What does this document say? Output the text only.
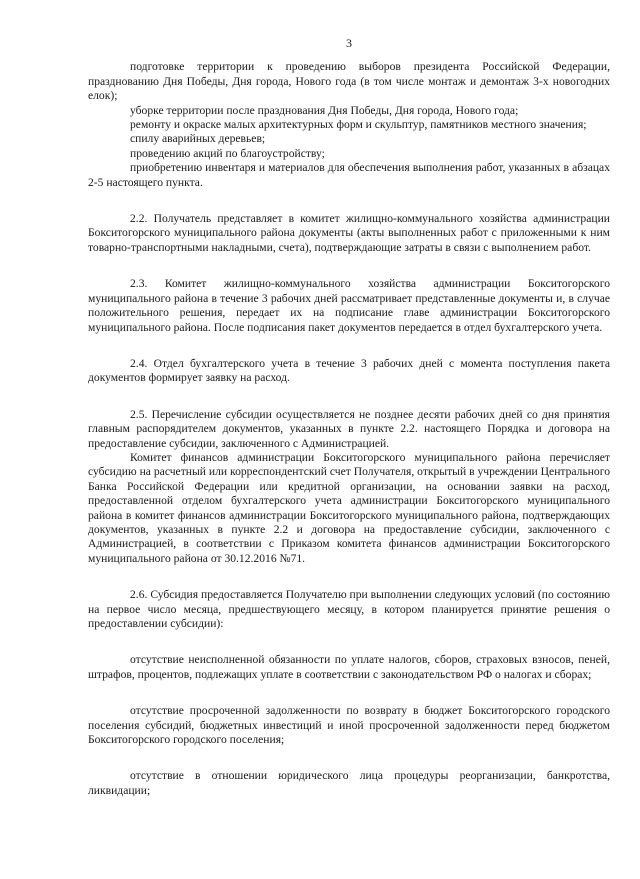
3

подготовке территории к проведению выборов президента Российской Федерации, празднованию Дня Победы, Дня города, Нового года (в том числе монтаж и демонтаж 3-х новогодних елок);

уборке территории после празднования Дня Победы, Дня города, Нового года;

ремонту и окраске малых архитектурных форм и скульптур, памятников местного значения;

спилу аварийных деревьев;

проведению акций по благоустройству;

приобретению инвентаря и материалов для обеспечения выполнения работ, указанных в абзацах 2-5 настоящего пункта.

2.2. Получатель представляет в комитет жилищно-коммунального хозяйства администрации Бокситогорского муниципального района документы (акты выполненных работ с приложенными к ним товарно-транспортными накладными, счета), подтверждающие затраты в связи с выполнением работ.

2.3. Комитет жилищно-коммунального хозяйства администрации Бокситогорского муниципального района в течение 3 рабочих дней рассматривает представленные документы и, в случае положительного решения, передает их на подписание главе администрации Бокситогорского муниципального района. После подписания пакет документов передается в отдел бухгалтерского учета.

2.4. Отдел бухгалтерского учета в течение 3 рабочих дней с момента поступления пакета документов формирует заявку на расход.

2.5. Перечисление субсидии осуществляется не позднее десяти рабочих дней со дня принятия главным распорядителем документов, указанных в пункте 2.2. настоящего Порядка и договора на предоставление субсидии, заключенного с Администрацией.

Комитет финансов администрации Бокситогорского муниципального района перечисляет субсидию на расчетный или корреспондентский счет Получателя, открытый в учреждении Центрального Банка Российской Федерации или кредитной организации, на основании заявки на расход, предоставленной отделом бухгалтерского учета администрации Бокситогорского муниципального района в комитет финансов администрации Бокситогорского муниципального района, подтверждающих документов, указанных в пункте 2.2 и договора на предоставление субсидии, заключенного с Администрацией, в соответствии с Приказом комитета финансов администрации Бокситогорского муниципального района от 30.12.2016 №71.

2.6. Субсидия предоставляется Получателю при выполнении следующих условий (по состоянию на первое число месяца, предшествующего месяцу, в котором планируется принятие решения о предоставлении субсидии):

отсутствие неисполненной обязанности по уплате налогов, сборов, страховых взносов, пеней, штрафов, процентов, подлежащих уплате в соответствии с законодательством РФ о налогах и сборах;

отсутствие просроченной задолженности по возврату в бюджет Бокситогорского городского поселения субсидий, бюджетных инвестиций и иной просроченной задолженности перед бюджетом Бокситогорского городского поселения;

отсутствие в отношении юридического лица процедуры реорганизации, банкротства, ликвидации;
